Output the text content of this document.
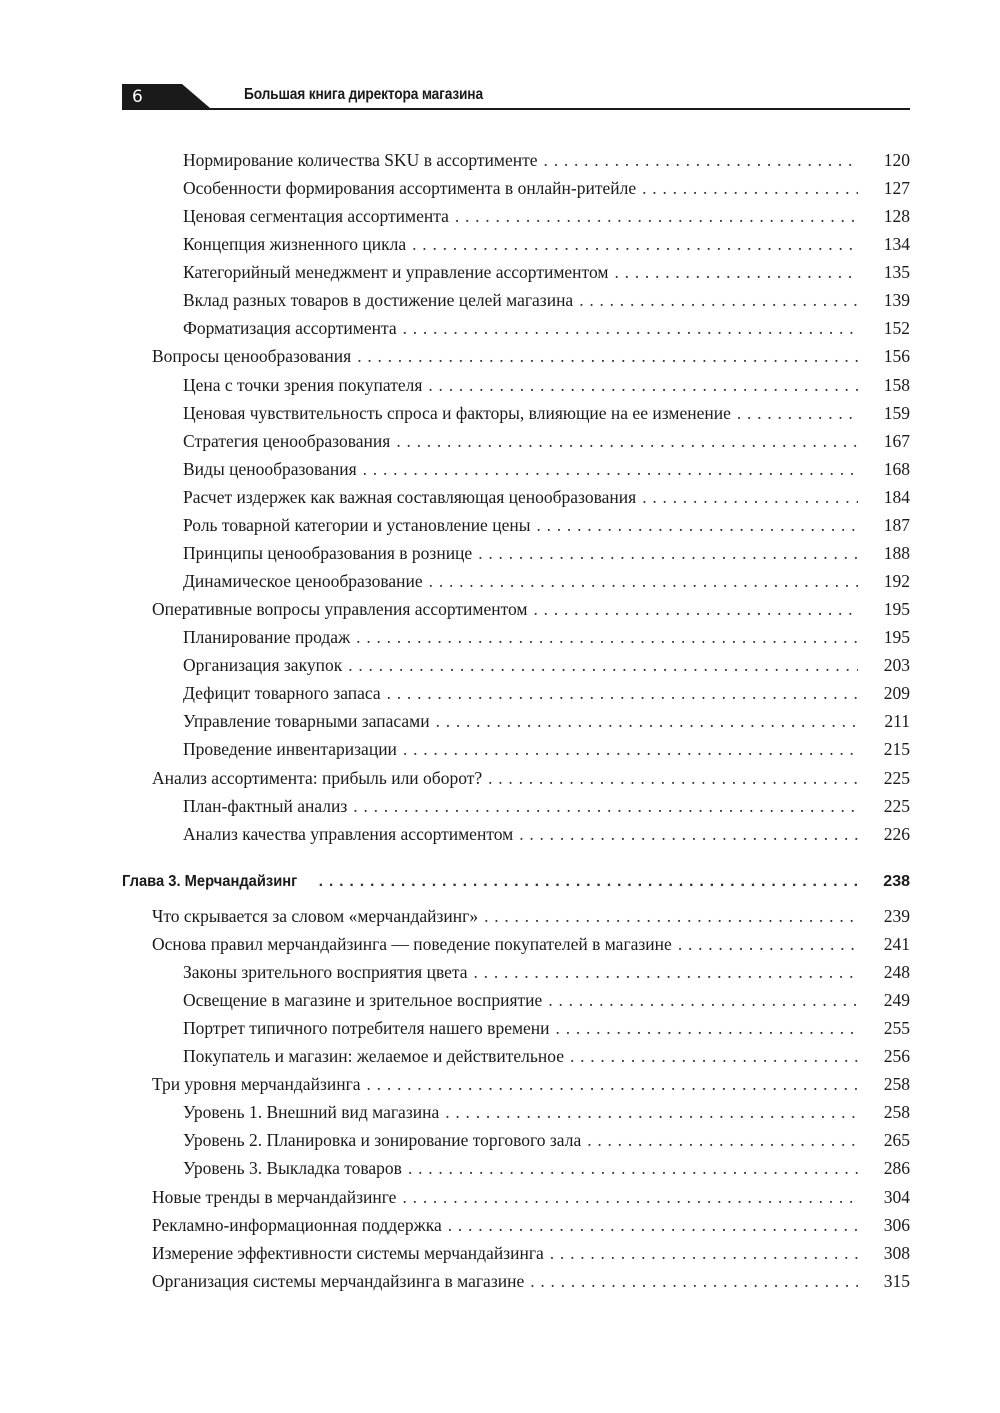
6	Большая книга директора магазина
Нормирование количества SKU в ассортименте . . .	120
Особенности формирования ассортимента в онлайн-ритейле . . .	127
Ценовая сегментация ассортимента . . .	128
Концепция жизненного цикла . . .	134
Категорийный менеджмент и управление ассортиментом . . .	135
Вклад разных товаров в достижение целей магазина . . .	139
Форматизация ассортимента . . .	152
Вопросы ценообразования . . .	156
Цена с точки зрения покупателя . . .	158
Ценовая чувствительность спроса и факторы, влияющие на ее изменение . . .	159
Стратегия ценообразования . . .	167
Виды ценообразования . . .	168
Расчет издержек как важная составляющая ценообразования . . .	184
Роль товарной категории и установление цены . . .	187
Принципы ценообразования в рознице . . .	188
Динамическое ценообразование . . .	192
Оперативные вопросы управления ассортиментом . . .	195
Планирование продаж . . .	195
Организация закупок . . .	203
Дефицит товарного запаса . . .	209
Управление товарными запасами . . .	211
Проведение инвентаризации . . .	215
Анализ ассортимента: прибыль или оборот? . . .	225
План-фактный анализ . . .	225
Анализ качества управления ассортиментом . . .	226
Глава 3. Мерчандайзинг . . .	238
Что скрывается за словом «мерчандайзинг» . . .	239
Основа правил мерчандайзинга — поведение покупателей в магазине . . .	241
Законы зрительного восприятия цвета . . .	248
Освещение в магазине и зрительное восприятие . . .	249
Портрет типичного потребителя нашего времени . . .	255
Покупатель и магазин: желаемое и действительное . . .	256
Три уровня мерчандайзинга . . .	258
Уровень 1. Внешний вид магазина . . .	258
Уровень 2. Планировка и зонирование торгового зала . . .	265
Уровень 3. Выкладка товаров . . .	286
Новые тренды в мерчандайзинге . . .	304
Рекламно-информационная поддержка . . .	306
Измерение эффективности системы мерчандайзинга . . .	308
Организация системы мерчандайзинга в магазине . . .	315
